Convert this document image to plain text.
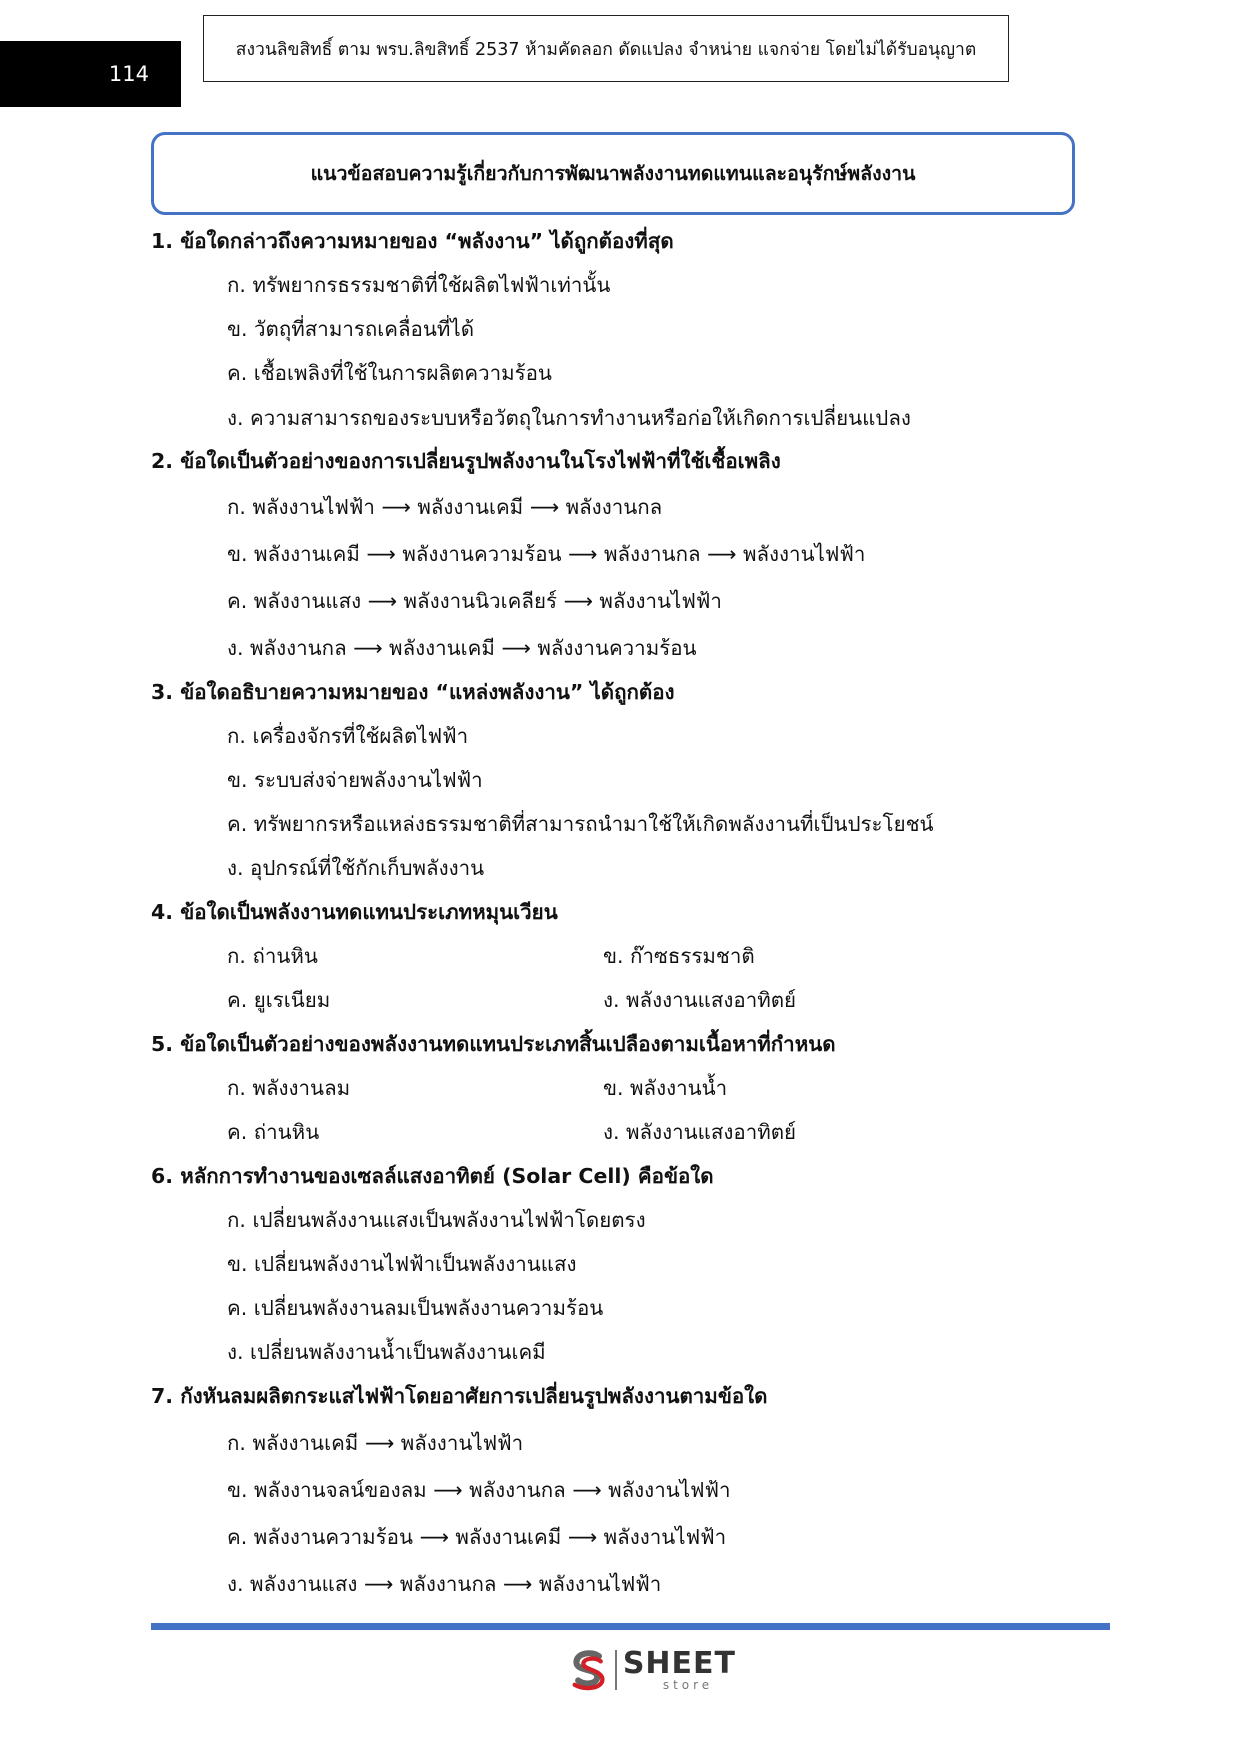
114
สงวนลิขสิทธิ์ ตาม พรบ.ลิขสิทธิ์ 2537 ห้ามคัดลอก ดัดแปลง จำหน่าย แจกจ่าย โดยไม่ได้รับอนุญาต
แนวข้อสอบความรู้เกี่ยวกับการพัฒนาพลังงานทดแทนและอนุรักษ์พลังงาน
1. ข้อใดกล่าวถึงความหมายของ “พลังงาน” ได้ถูกต้องที่สุด
ก. ทรัพยากรธรรมชาติที่ใช้ผลิตไฟฟ้าเท่านั้น
ข. วัตถุที่สามารถเคลื่อนที่ได้
ค. เชื้อเพลิงที่ใช้ในการผลิตความร้อน
ง. ความสามารถของระบบหรือวัตถุในการทำงานหรือก่อให้เกิดการเปลี่ยนแปลง
2. ข้อใดเป็นตัวอย่างของการเปลี่ยนรูปพลังงานในโรงไฟฟ้าที่ใช้เชื้อเพลิง
ก. พลังงานไฟฟ้า ⟶ พลังงานเคมี ⟶ พลังงานกล
ข. พลังงานเคมี ⟶ พลังงานความร้อน ⟶ พลังงานกล ⟶ พลังงานไฟฟ้า
ค. พลังงานแสง ⟶ พลังงานนิวเคลียร์ ⟶ พลังงานไฟฟ้า
ง. พลังงานกล ⟶ พลังงานเคมี ⟶ พลังงานความร้อน
3. ข้อใดอธิบายความหมายของ “แหล่งพลังงาน” ได้ถูกต้อง
ก. เครื่องจักรที่ใช้ผลิตไฟฟ้า
ข. ระบบส่งจ่ายพลังงานไฟฟ้า
ค. ทรัพยากรหรือแหล่งธรรมชาติที่สามารถนำมาใช้ให้เกิดพลังงานที่เป็นประโยชน์
ง. อุปกรณ์ที่ใช้กักเก็บพลังงาน
4. ข้อใดเป็นพลังงานทดแทนประเภทหมุนเวียน
ก. ถ่านหิน	ข. ก๊าซธรรมชาติ
ค. ยูเรเนียม	ง. พลังงานแสงอาทิตย์
5. ข้อใดเป็นตัวอย่างของพลังงานทดแทนประเภทสิ้นเปลืองตามเนื้อหาที่กำหนด
ก. พลังงานลม	ข. พลังงานน้ำ
ค. ถ่านหิน	ง. พลังงานแสงอาทิตย์
6. หลักการทำงานของเซลล์แสงอาทิตย์ (Solar Cell) คือข้อใด
ก. เปลี่ยนพลังงานแสงเป็นพลังงานไฟฟ้าโดยตรง
ข. เปลี่ยนพลังงานไฟฟ้าเป็นพลังงานแสง
ค. เปลี่ยนพลังงานลมเป็นพลังงานความร้อน
ง. เปลี่ยนพลังงานน้ำเป็นพลังงานเคมี
7. กังหันลมผลิตกระแสไฟฟ้าโดยอาศัยการเปลี่ยนรูปพลังงานตามข้อใด
ก. พลังงานเคมี ⟶ พลังงานไฟฟ้า
ข. พลังงานจลน์ของลม ⟶ พลังงานกล ⟶ พลังงานไฟฟ้า
ค. พลังงานความร้อน ⟶ พลังงานเคมี ⟶ พลังงานไฟฟ้า
ง. พลังงานแสง ⟶ พลังงานกล ⟶ พลังงานไฟฟ้า
SHEET
store
